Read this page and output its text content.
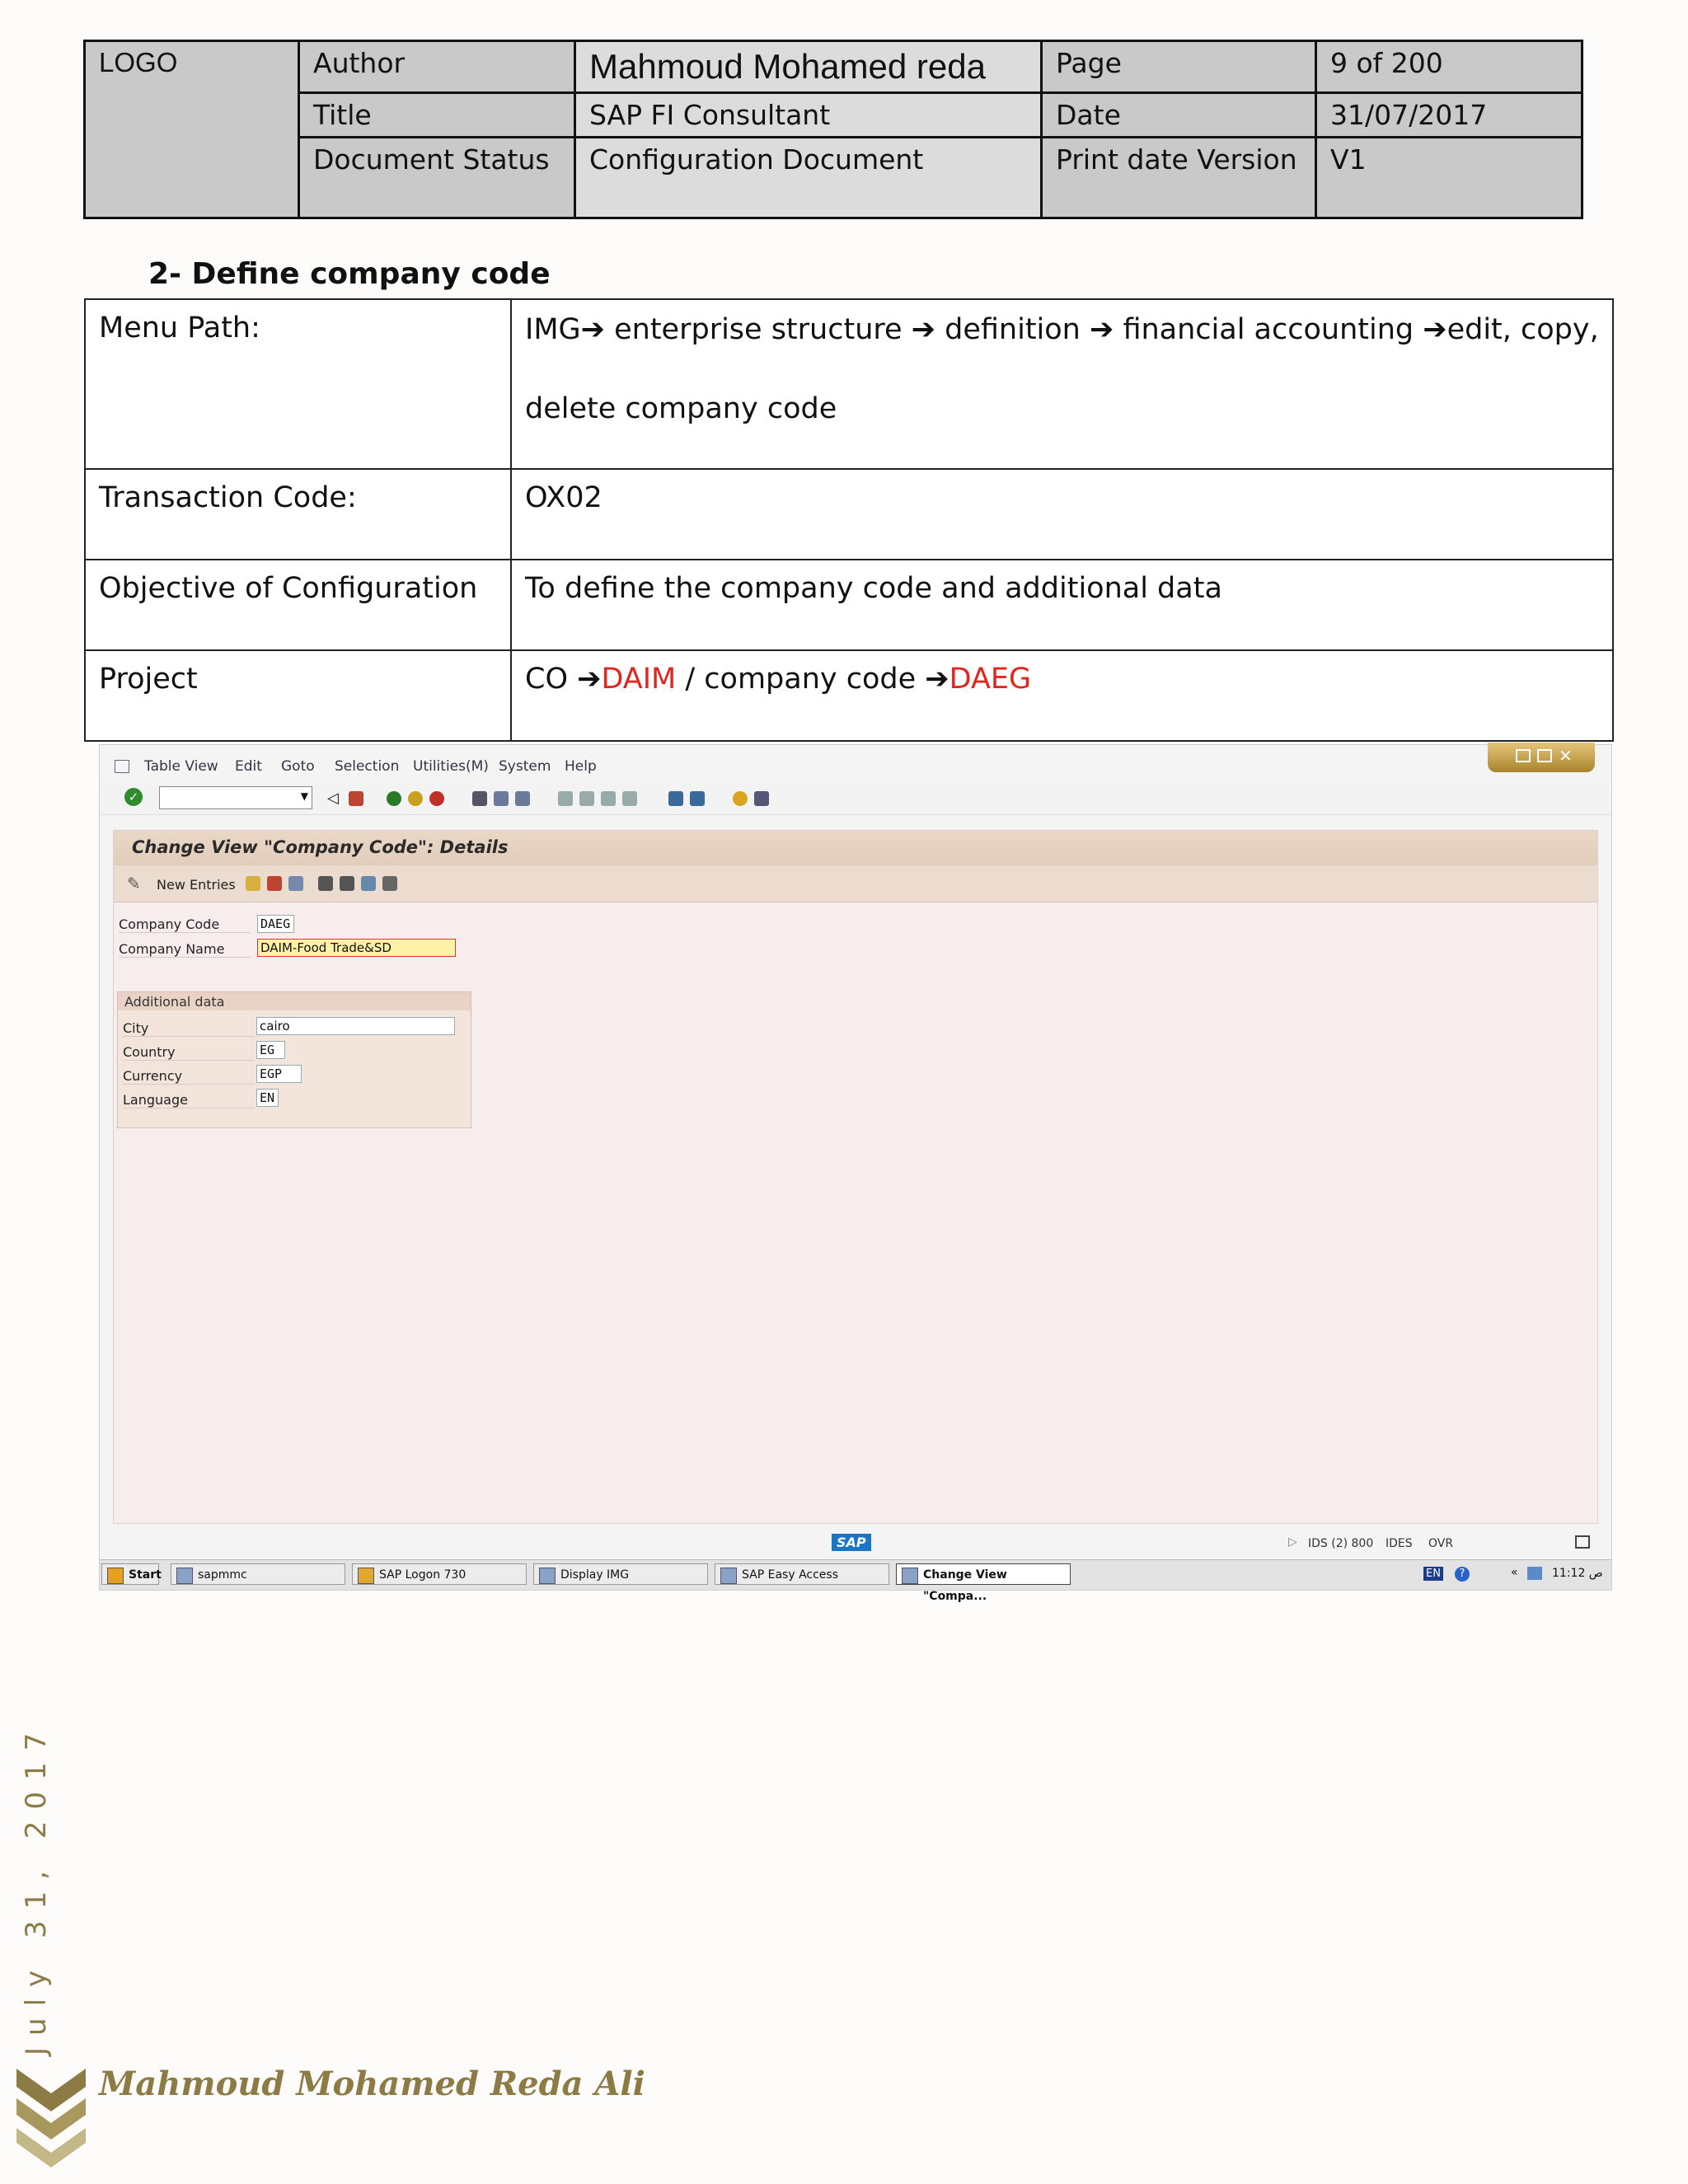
LOGO	Author	Mahmoud Mohamed reda	Page	9 of 200
	Title	SAP FI Consultant	Date	31/07/2017
	Document Status	Configuration Document	Print date Version	V1
2- Define company code
Menu Path:	IMG➔ enterprise structure ➔ definition ➔ financial accounting ➔edit, copy,
delete company code

Transaction Code:	OX02
Objective of Configuration	To define the company code and additional data
Project	CO ➔DAIM / company code ➔DAEG
Table View Edit Goto Selection Utilities(M) System Help
✕
✓	▼ ◁
Change View "Company Code": Details
✎ New Entries
Company Code	DAEG
Company Name	DAIM-Food Trade&SD
Additional data
City	cairo
Country	EG
Currency	EGP
Language	EN
SAP	▷ IDS (2) 800 IDES OVR
Start	sapmmc	SAP Logon 730	Display IMG	SAP Easy Access	Change View "Compa...
EN	?	«	11:12 ص
July 31, 2017
Mahmoud Mohamed Reda Ali
